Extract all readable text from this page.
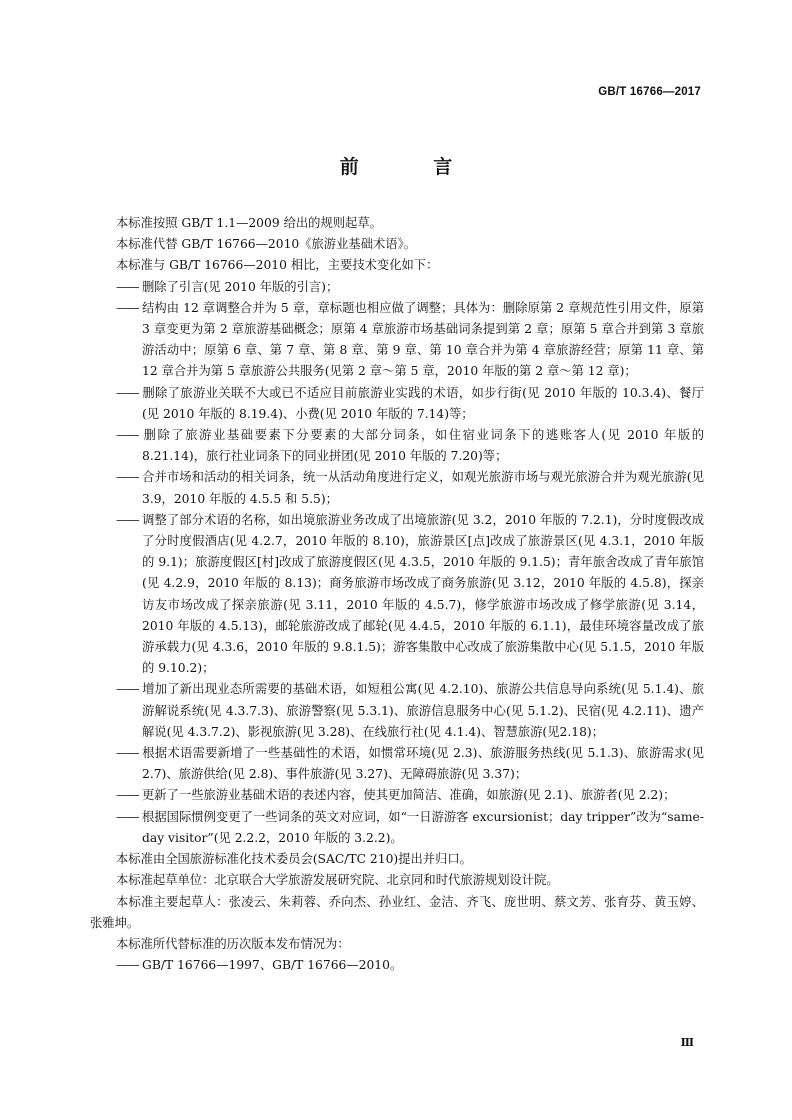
GB/T 16766—2017
前 言

本标准按照 GB/T 1.1—2009 给出的规则起草。

本标准代替 GB/T 16766—2010《旅游业基础术语》。

本标准与 GB/T 16766—2010 相比，主要技术变化如下：

—— 删除了引言(见 2010 年版的引言)；

—— 结构由 12 章调整合并为 5 章，章标题也相应做了调整；具体为：删除原第 2 章规范性引用文件，原第 3 章变更为第 2 章旅游基础概念；原第 4 章旅游市场基础词条提到第 2 章；原第 5 章合并到第 3 章旅游活动中；原第 6 章、第 7 章、第 8 章、第 9 章、第 10 章合并为第 4 章旅游经营；原第 11 章、第 12 章合并为第 5 章旅游公共服务(见第 2 章～第 5 章，2010 年版的第 2 章～第 12 章)；

—— 删除了旅游业关联不大或已不适应目前旅游业实践的术语，如步行街(见 2010 年版的 10.3.4)、餐厅(见 2010 年版的 8.19.4)、小费(见 2010 年版的 7.14)等；

—— 删除了旅游业基础要素下分要素的大部分词条，如住宿业词条下的逃账客人(见 2010 年版的 8.21.14)，旅行社业词条下的同业拼团(见 2010 年版的 7.20)等；

—— 合并市场和活动的相关词条，统一从活动角度进行定义，如观光旅游市场与观光旅游合并为观光旅游(见 3.9，2010 年版的 4.5.5 和 5.5)；

—— 调整了部分术语的名称，如出境旅游业务改成了出境旅游(见 3.2，2010 年版的 7.2.1)，分时度假改成了分时度假酒店(见 4.2.7，2010 年版的 8.10)，旅游景区[点]改成了旅游景区(见 4.3.1，2010 年版的 9.1)；旅游度假区[村]改成了旅游度假区(见 4.3.5，2010 年版的 9.1.5)；青年旅舍改成了青年旅馆(见 4.2.9，2010 年版的 8.13)；商务旅游市场改成了商务旅游(见 3.12，2010 年版的 4.5.8)，探亲访友市场改成了探亲旅游(见 3.11，2010 年版的 4.5.7)，修学旅游市场改成了修学旅游(见 3.14，2010 年版的 4.5.13)，邮轮旅游改成了邮轮(见 4.4.5，2010 年版的 6.1.1)，最佳环境容量改成了旅游承载力(见 4.3.6，2010 年版的 9.8.1.5)；游客集散中心改成了旅游集散中心(见 5.1.5，2010 年版的 9.10.2)；

—— 增加了新出现业态所需要的基础术语，如短租公寓(见 4.2.10)、旅游公共信息导向系统(见 5.1.4)、旅游解说系统(见 4.3.7.3)、旅游警察(见 5.3.1)、旅游信息服务中心(见 5.1.2)、民宿(见 4.2.11)、遗产解说(见 4.3.7.2)、影视旅游(见 3.28)、在线旅行社(见 4.1.4)、智慧旅游(见2.18)；

—— 根据术语需要新增了一些基础性的术语，如惯常环境(见 2.3)、旅游服务热线(见 5.1.3)、旅游需求(见 2.7)、旅游供给(见 2.8)、事件旅游(见 3.27)、无障碍旅游(见 3.37)；

—— 更新了一些旅游业基础术语的表述内容，使其更加简洁、准确，如旅游(见 2.1)、旅游者(见 2.2)；

—— 根据国际惯例变更了一些词条的英文对应词，如“一日游游客 excursionist；day tripper”改为“same-day visitor”(见 2.2.2，2010 年版的 3.2.2)。

本标准由全国旅游标准化技术委员会(SAC/TC 210)提出并归口。

本标准起草单位：北京联合大学旅游发展研究院、北京同和时代旅游规划设计院。

本标准主要起草人：张凌云、朱莉蓉、乔向杰、孙业红、金洁、齐飞、庞世明、蔡文芳、张育芬、黄玉婷、张雅坤。

本标准所代替标准的历次版本发布情况为：

—— GB/T 16766—1997、GB/T 16766—2010。

Ⅲ
